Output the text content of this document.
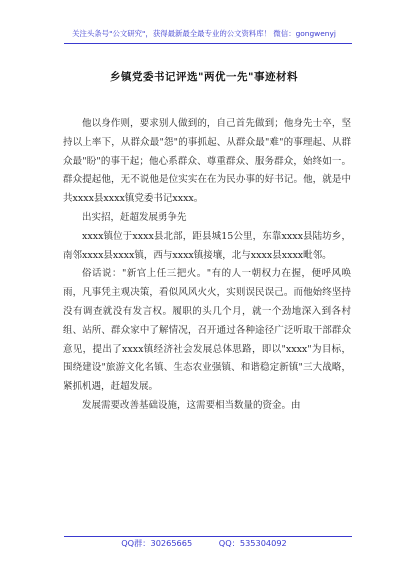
关注头条号"公文研究"，获得最新最全最专业的公文资料库！ 微信：gongwenyj
乡镇党委书记评选"两优一先"事迹材料

他以身作则，要求别人做到的，自己首先做到；他身先士卒，坚持以上率下，从群众最"怨"的事抓起、从群众最"难"的事理起、从群众最"盼"的事干起；他心系群众、尊重群众、服务群众，始终如一。群众提起他，无不说他是位实实在在为民办事的好书记。他，就是中共xxxx县xxxx镇党委书记xxxx。

出实招，赶超发展勇争先

xxxx镇位于xxxx县北部，距县城15公里，东靠xxxx县陆坊乡，南邻xxxx县xxxx镇，西与xxxx镇接壤，北与xxxx县xxxx毗邻。

俗话说："新官上任三把火。"有的人一朝权力在握，便呼风唤雨，凡事凭主观决策，看似风风火火，实则误民误己。而他始终坚持没有调查就没有发言权。履职的头几个月，就一个劲地深入到各村组、站所、群众家中了解情况，召开通过各种途径广泛听取干部群众意见，提出了xxxx镇经济社会发展总体思路，即以"xxxx"为目标，围绕建设"旅游文化名镇、生态农业强镇、和谐稳定新镇"三大战略，紧抓机遇，赶超发展。

发展需要改善基础设施，这需要相当数量的资金。由

QQ群：30265665	QQ：535304092
